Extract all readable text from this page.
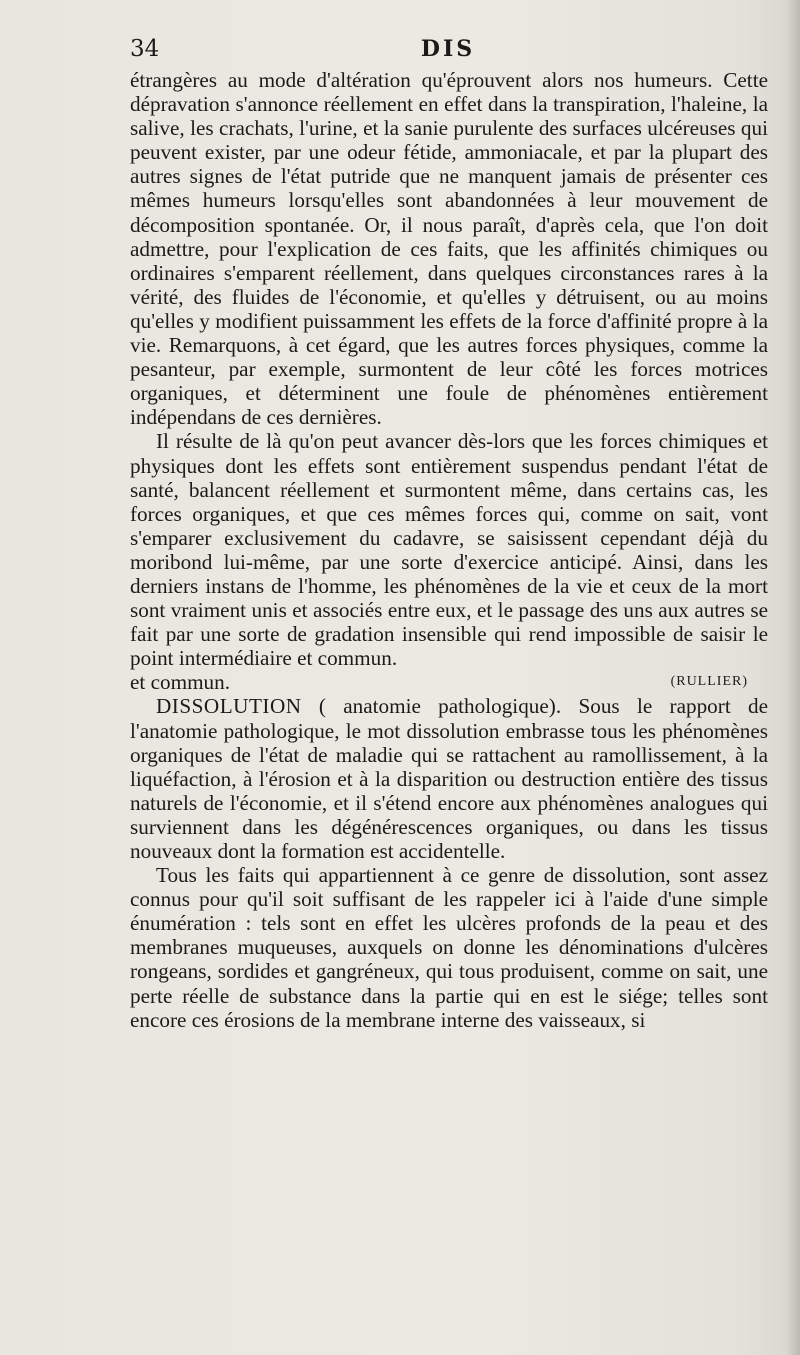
34	DIS

étrangères au mode d'altération qu'éprouvent alors nos humeurs. Cette dépravation s'annonce réellement en effet dans la transpiration, l'haleine, la salive, les crachats, l'urine, et la sanie purulente des surfaces ulcéreuses qui peuvent exister, par une odeur fétide, ammoniacale, et par la plupart des autres signes de l'état putride que ne manquent jamais de présenter ces mêmes humeurs lorsqu'elles sont abandonnées à leur mouvement de décomposition spontanée. Or, il nous paraît, d'après cela, que l'on doit admettre, pour l'explication de ces faits, que les affinités chimiques ou ordinaires s'emparent réellement, dans quelques circonstances rares à la vérité, des fluides de l'économie, et qu'elles y détruisent, ou au moins qu'elles y modifient puissamment les effets de la force d'affinité propre à la vie. Remarquons, à cet égard, que les autres forces physiques, comme la pesanteur, par exemple, surmontent de leur côté les forces motrices organiques, et déterminent une foule de phénomènes entièrement indépendans de ces dernières.

Il résulte de là qu'on peut avancer dès-lors que les forces chimiques et physiques dont les effets sont entièrement suspendus pendant l'état de santé, balancent réellement et surmontent même, dans certains cas, les forces organiques, et que ces mêmes forces qui, comme on sait, vont s'emparer exclusivement du cadavre, se saisissent cependant déjà du moribond lui-même, par une sorte d'exercice anticipé. Ainsi, dans les derniers instans de l'homme, les phénomènes de la vie et ceux de la mort sont vraiment unis et associés entre eux, et le passage des uns aux autres se fait par une sorte de gradation insensible qui rend impossible de saisir le point intermédiaire et commun.

et commun.	(RULLIER)

DISSOLUTION ( anatomie pathologique). Sous le rapport de l'anatomie pathologique, le mot dissolution embrasse tous les phénomènes organiques de l'état de maladie qui se rattachent au ramollissement, à la liquéfaction, à l'érosion et à la disparition ou destruction entière des tissus naturels de l'économie, et il s'étend encore aux phénomènes analogues qui surviennent dans les dégénérescences organiques, ou dans les tissus nouveaux dont la formation est accidentelle.

Tous les faits qui appartiennent à ce genre de dissolution, sont assez connus pour qu'il soit suffisant de les rappeler ici à l'aide d'une simple énumération : tels sont en effet les ulcères profonds de la peau et des membranes muqueuses, auxquels on donne les dénominations d'ulcères rongeans, sordides et gangréneux, qui tous produisent, comme on sait, une perte réelle de substance dans la partie qui en est le siége; telles sont encore ces érosions de la membrane interne des vaisseaux, si
